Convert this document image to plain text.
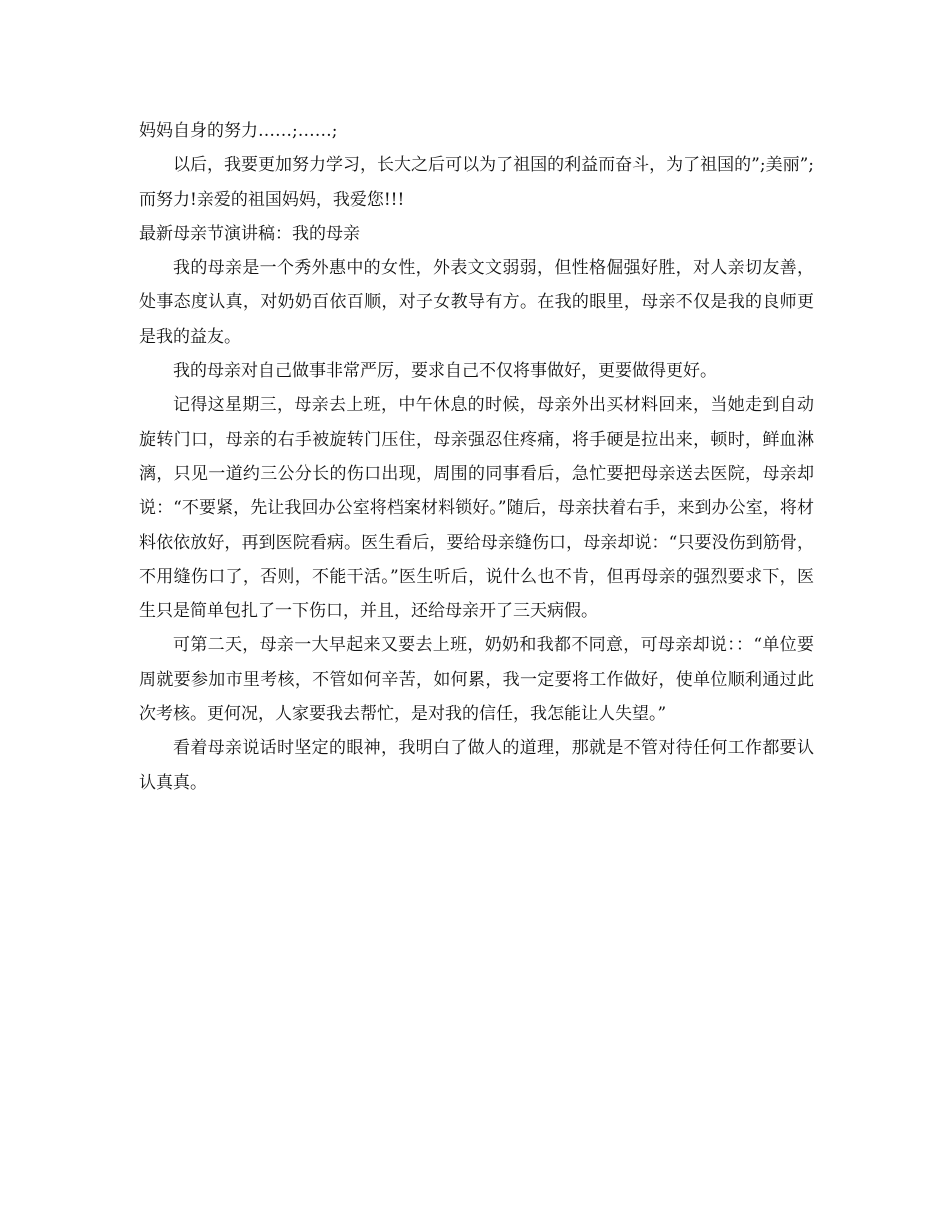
妈妈自身的努力……;……;

以后，我要更加努力学习，长大之后可以为了祖国的利益而奋斗，为了祖国的”;美丽”;而努力!亲爱的祖国妈妈，我爱您!!!

最新母亲节演讲稿：我的母亲

我的母亲是一个秀外惠中的女性，外表文文弱弱，但性格倔强好胜，对人亲切友善，处事态度认真，对奶奶百依百顺，对子女教导有方。在我的眼里，母亲不仅是我的良师更是我的益友。

我的母亲对自己做事非常严厉，要求自己不仅将事做好，更要做得更好。

记得这星期三，母亲去上班，中午休息的时候，母亲外出买材料回来，当她走到自动旋转门口，母亲的右手被旋转门压住，母亲强忍住疼痛，将手硬是拉出来，顿时，鲜血淋漓，只见一道约三公分长的伤口出现，周围的同事看后，急忙要把母亲送去医院，母亲却说：“不要紧，先让我回办公室将档案材料锁好。”随后，母亲扶着右手，来到办公室，将材料依依放好，再到医院看病。医生看后，要给母亲缝伤口，母亲却说：“只要没伤到筋骨，不用缝伤口了，否则，不能干活。”医生听后，说什么也不肯，但再母亲的强烈要求下，医生只是简单包扎了一下伤口，并且，还给母亲开了三天病假。

可第二天，母亲一大早起来又要去上班，奶奶和我都不同意，可母亲却说：：“单位要周就要参加市里考核，不管如何辛苦，如何累，我一定要将工作做好，使单位顺利通过此次考核。更何况，人家要我去帮忙，是对我的信任，我怎能让人失望。”

看着母亲说话时坚定的眼神，我明白了做人的道理，那就是不管对待任何工作都要认认真真。
